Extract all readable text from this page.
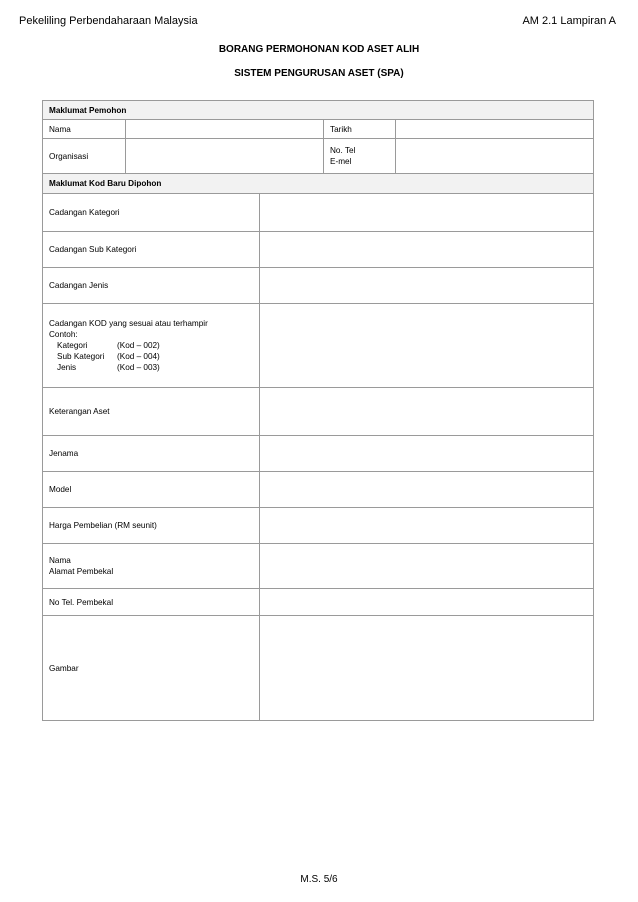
Pekeliling Perbendaharaan Malaysia	AM 2.1 Lampiran A
BORANG PERMOHONAN KOD ASET ALIH
SISTEM PENGURUSAN ASET (SPA)
Maklumat Pemohon				
Nama			Tarikh	
Organisasi			No. Tel
E-mel	

Maklumat Kod Baru Dipohon				
Cadangan Kategori				
Cadangan Sub Kategori				
Cadangan Jenis				

Cadangan KOD yang sesuai atau terhampir
Contoh:
Kategori (Kod – 002)
Sub Kategori (Kod – 004)
Jenis (Kod – 003)				

Keterangan Aset				
Jenama				
Model				
Harga Pembelian (RM seunit)				

Nama
Alamat Pembekal				

No Tel. Pembekal				
Gambar				
M.S. 5/6
